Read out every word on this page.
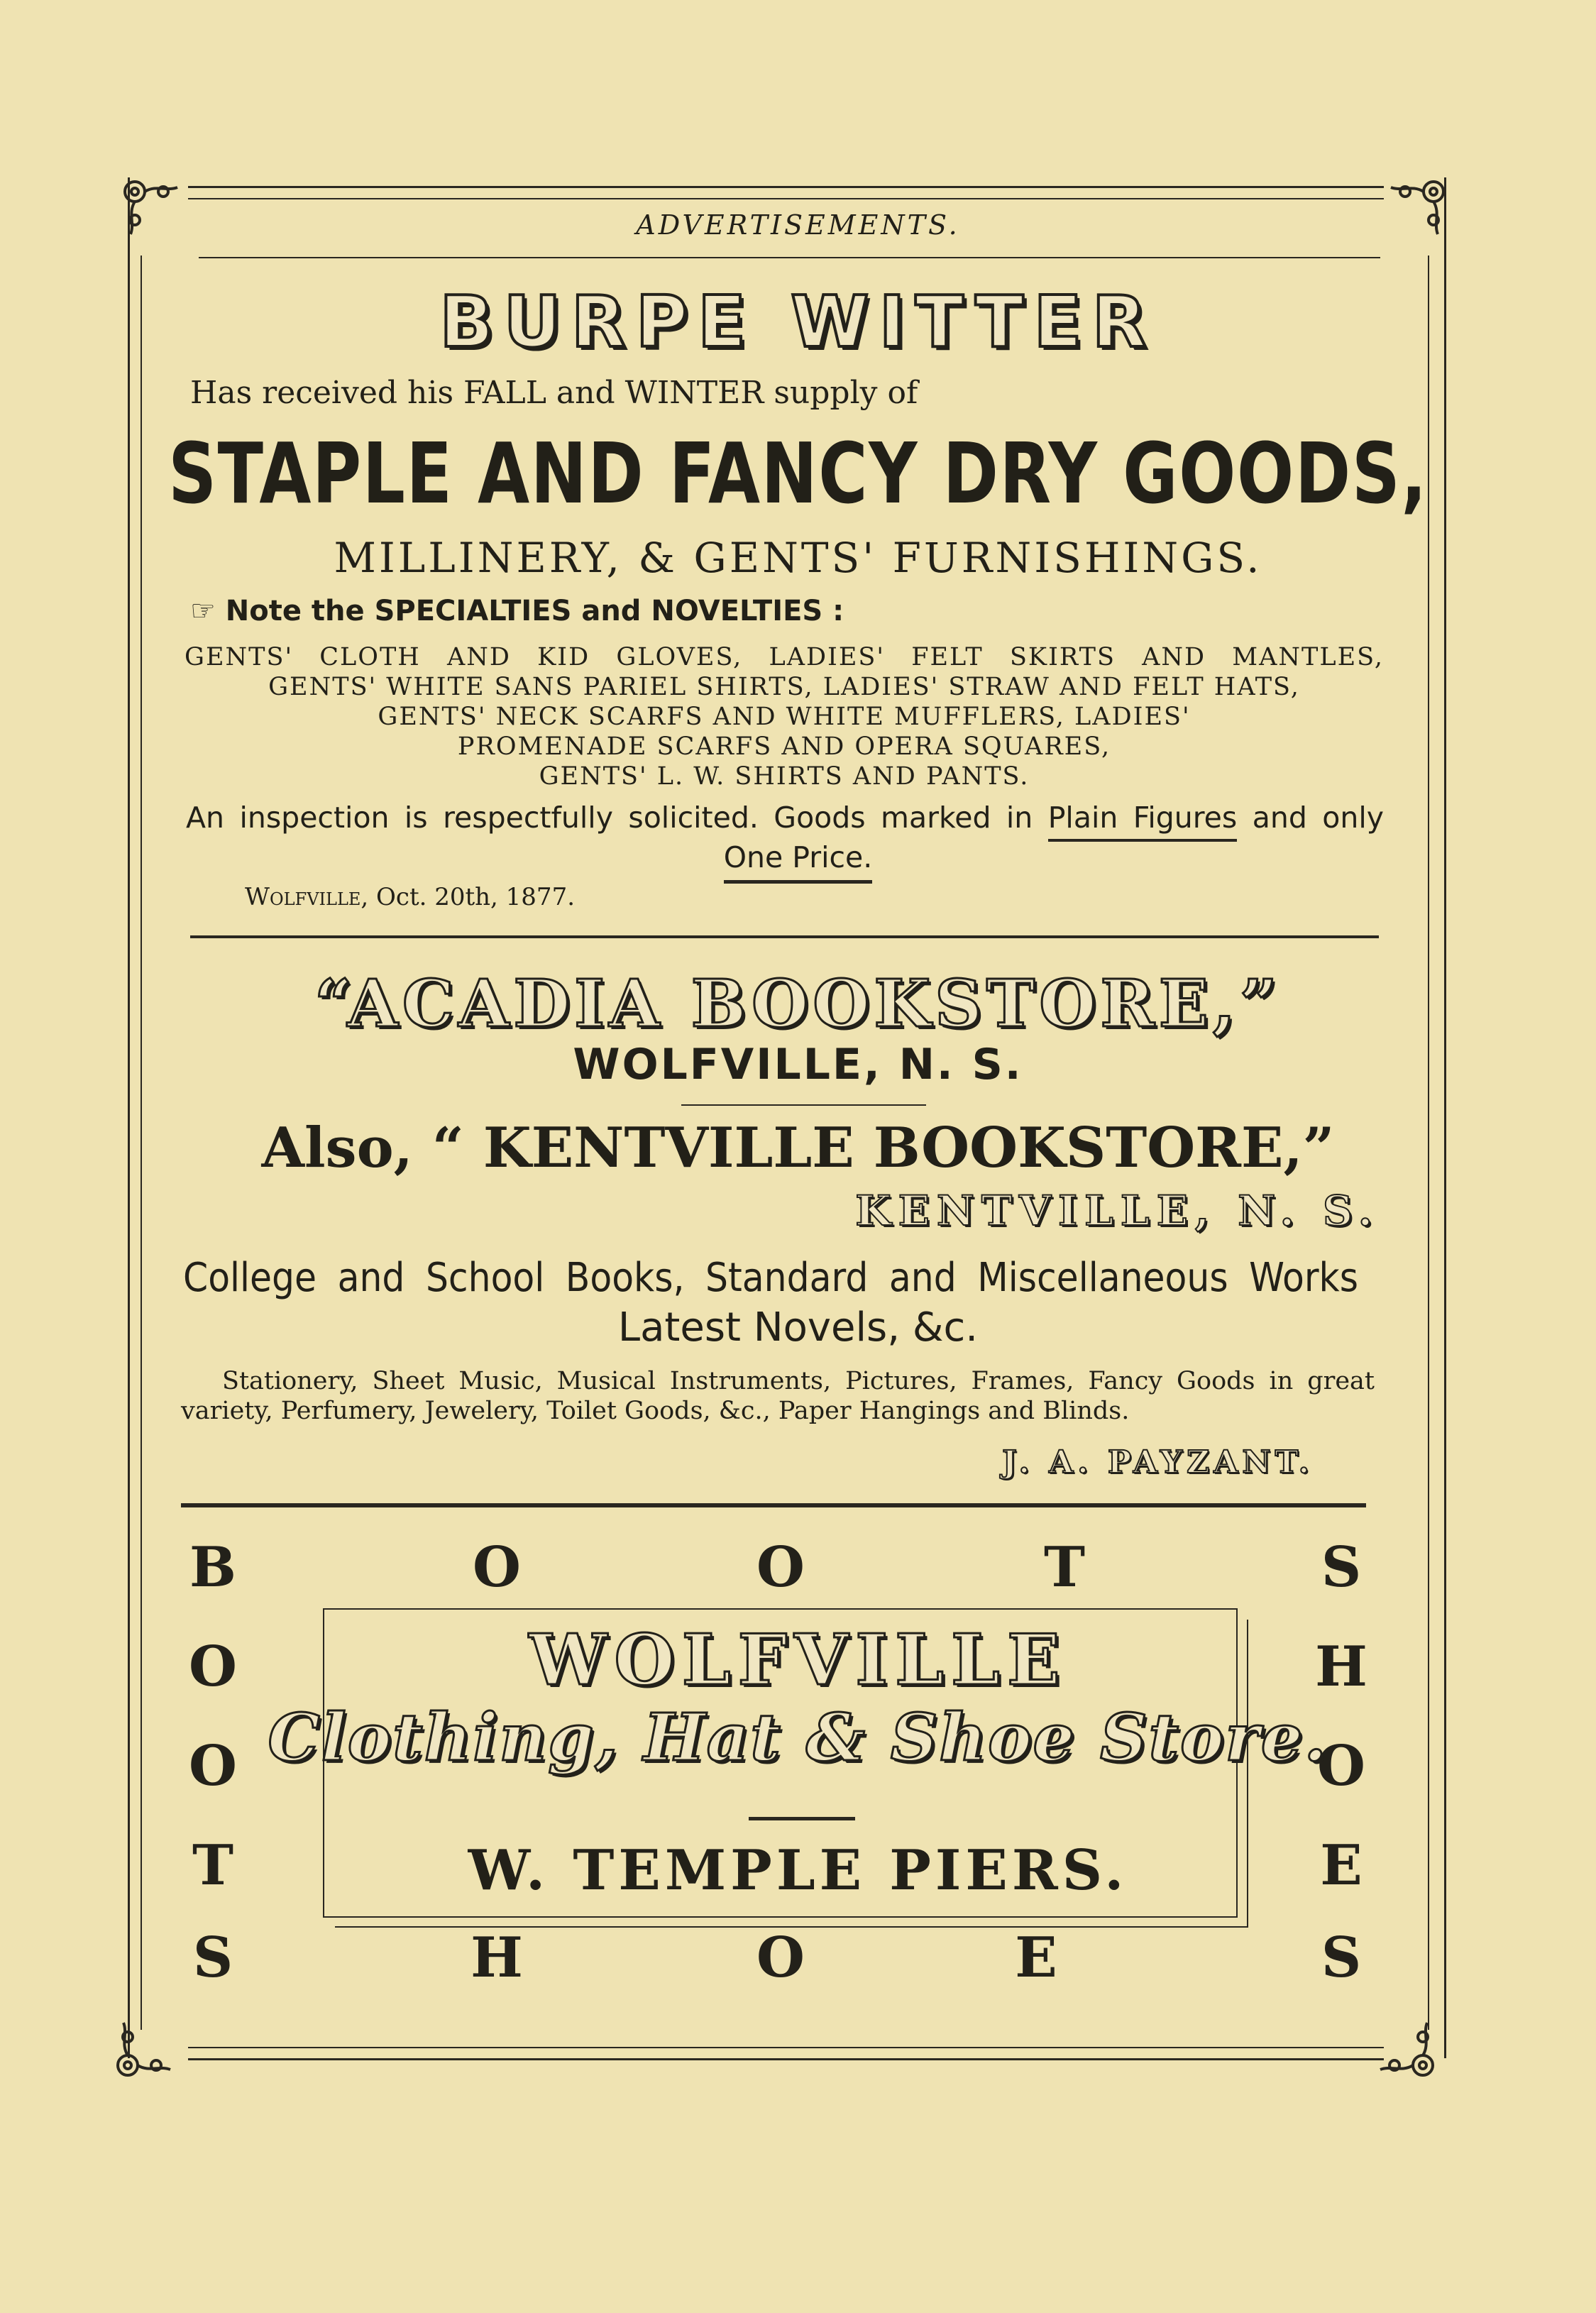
ADVERTISEMENTS.
BURPE WITTER
Has received his FALL and WINTER supply of
STAPLE AND FANCY DRY GOODS,
MILLINERY, & GENTS' FURNISHINGS.
☞ Note the SPECIALTIES and NOVELTIES :
GENTS' CLOTH AND KID GLOVES, LADIES' FELT SKIRTS AND MANTLES,
GENTS' WHITE SANS PARIEL SHIRTS, LADIES' STRAW AND FELT HATS,
GENTS' NECK SCARFS AND WHITE MUFFLERS, LADIES'
PROMENADE SCARFS AND OPERA SQUARES,
GENTS' L. W. SHIRTS AND PANTS.
An inspection is respectfully solicited. Goods marked in Plain Figures and only
One Price.
Wolfville, Oct. 20th, 1877.
“ACADIA BOOKSTORE,”
WOLFVILLE, N. S.
Also, “ KENTVILLE BOOKSTORE,”
KENTVILLE, N. S.
College and School Books, Standard and Miscellaneous Works
Latest Novels, &c.
Stationery, Sheet Music, Musical Instruments, Pictures, Frames, Fancy Goods in great
variety, Perfumery, Jewelery, Toilet Goods, &c., Paper Hangings and Blinds.
J. A. PAYZANT.
B	O	O	T	S
O
O
T
S
H
O
E
S
H	O	E
WOLFVILLE
Clothing, Hat & Shoe Store.
W. TEMPLE PIERS.
